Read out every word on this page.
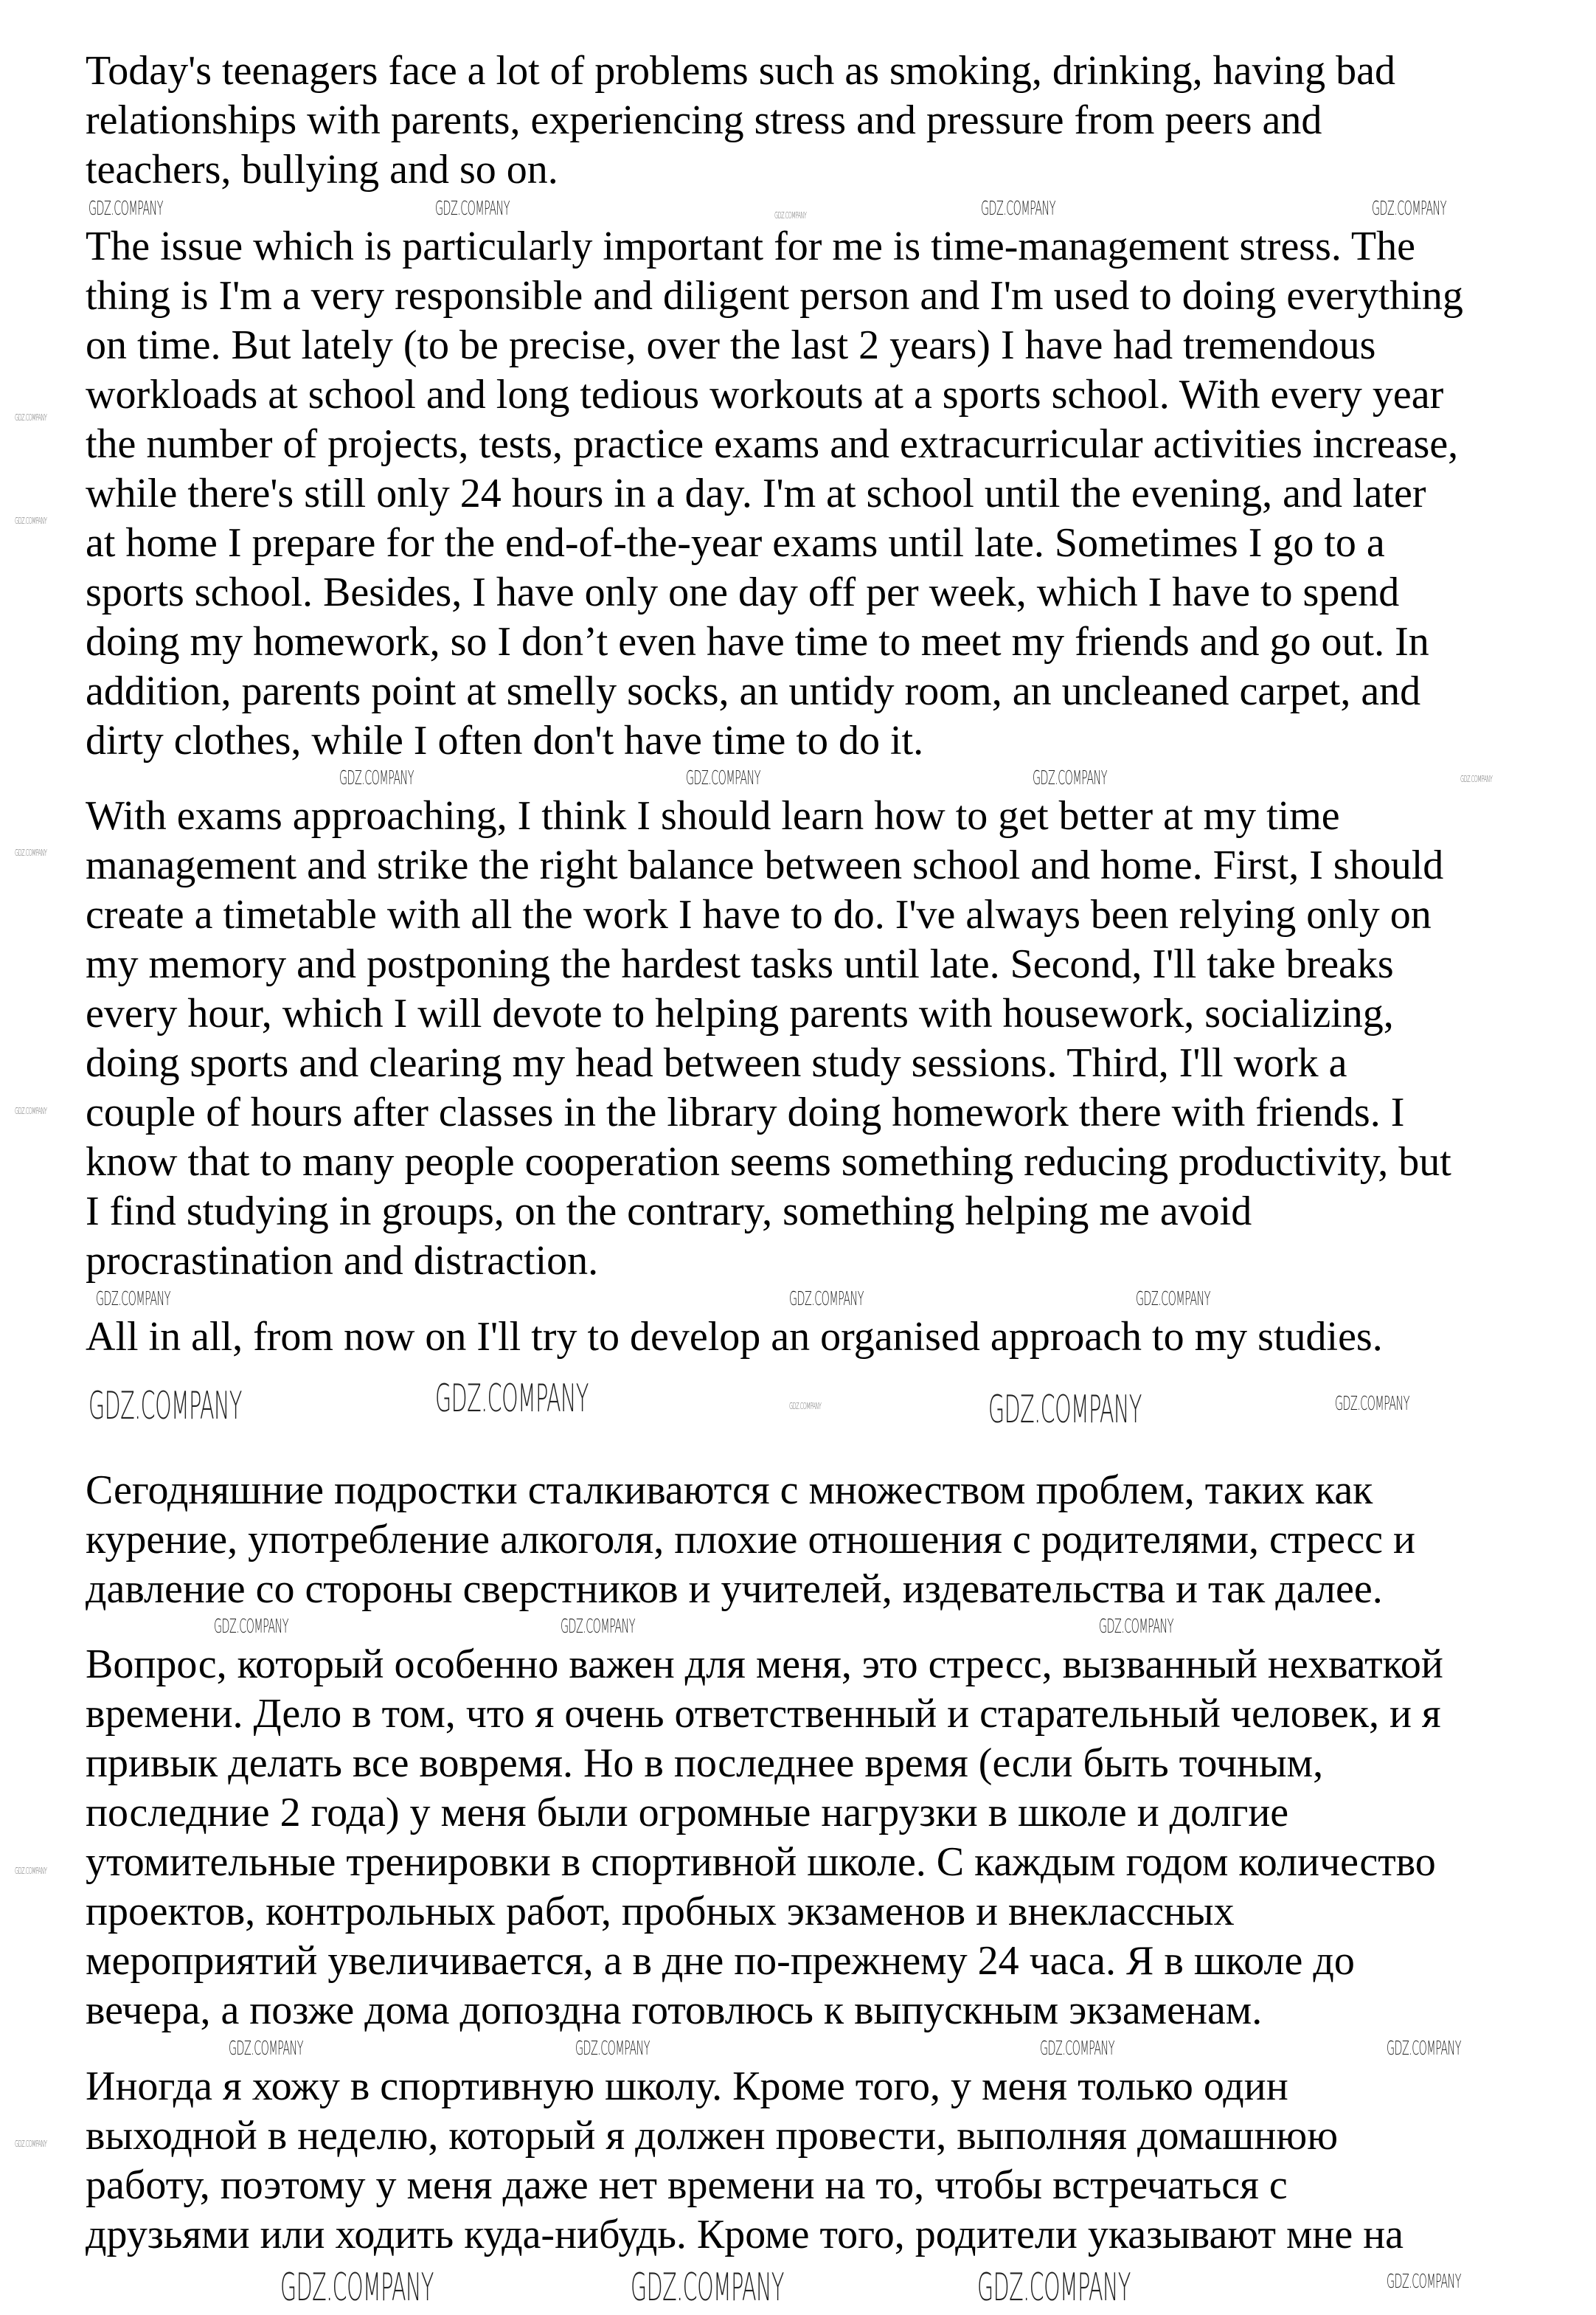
Today's teenagers face a lot of problems such as smoking, drinking, having bad
relationships with parents, experiencing stress and pressure from peers and
teachers, bullying and so on.
The issue which is particularly important for me is time-management stress. The
thing is I'm a very responsible and diligent person and I'm used to doing everything
on time. But lately (to be precise, over the last 2 years) I have had tremendous
workloads at school and long tedious workouts at a sports school. With every year
the number of projects, tests, practice exams and extracurricular activities increase,
while there's still only 24 hours in a day. I'm at school until the evening, and later
at home I prepare for the end-of-the-year exams until late. Sometimes I go to a
sports school. Besides, I have only one day off per week, which I have to spend
doing my homework, so I don’t even have time to meet my friends and go out. In
addition, parents point at smelly socks, an untidy room, an uncleaned carpet, and
dirty clothes, while I often don't have time to do it.
With exams approaching, I think I should learn how to get better at my time
management and strike the right balance between school and home. First, I should
create a timetable with all the work I have to do. I've always been relying only on
my memory and postponing the hardest tasks until late. Second, I'll take breaks
every hour, which I will devote to helping parents with housework, socializing,
doing sports and clearing my head between study sessions. Third, I'll work a
couple of hours after classes in the library doing homework there with friends. I
know that to many people cooperation seems something reducing productivity, but
I find studying in groups, on the contrary, something helping me avoid
procrastination and distraction.
All in all, from now on I'll try to develop an organised approach to my studies.
Сегодняшние подростки сталкиваются с множеством проблем, таких как
курение, употребление алкоголя, плохие отношения с родителями, стресс и
давление со стороны сверстников и учителей, издевательства и так далее.
Вопрос, который особенно важен для меня, это стресс, вызванный нехваткой
времени. Дело в том, что я очень ответственный и старательный человек, и я
привык делать все вовремя. Но в последнее время (если быть точным,
последние 2 года) у меня были огромные нагрузки в школе и долгие
утомительные тренировки в спортивной школе. С каждым годом количество
проектов, контрольных работ, пробных экзаменов и внеклассных
мероприятий увеличивается, а в дне по-прежнему 24 часа. Я в школе до
вечера, а позже дома допоздна готовлюсь к выпускным экзаменам.
Иногда я хожу в спортивную школу. Кроме того, у меня только один
выходной в неделю, который я должен провести, выполняя домашнюю
работу, поэтому у меня даже нет времени на то, чтобы встречаться с
друзьями или ходить куда-нибудь. Кроме того, родители указывают мне на
GDZ.COMPANY	GDZ.COMPANY	GDZ.COMPANY	GDZ.COMPANY
GDZ.COMPANY
GDZ.COMPANY	GDZ.COMPANY	GDZ.COMPANY	GDZ.COMPANY
GDZ.COMPANY	GDZ.COMPANY	GDZ.COMPANY
GDZ.COMPANY	GDZ.COMPANY	GDZ.COMPANY	GDZ.COMPANY
GDZ.COMPANY
GDZ.COMPANY	GDZ.COMPANY	GDZ.COMPANY
GDZ.COMPANY	GDZ.COMPANY	GDZ.COMPANY	GDZ.COMPANY
GDZ.COMPANY	GDZ.COMPANY	GDZ.COMPANY	GDZ.COMPANY
GDZ.COMPANY
GDZ.COMPANY
GDZ.COMPANY
GDZ.COMPANY
GDZ.COMPANY
GDZ.COMPANY
